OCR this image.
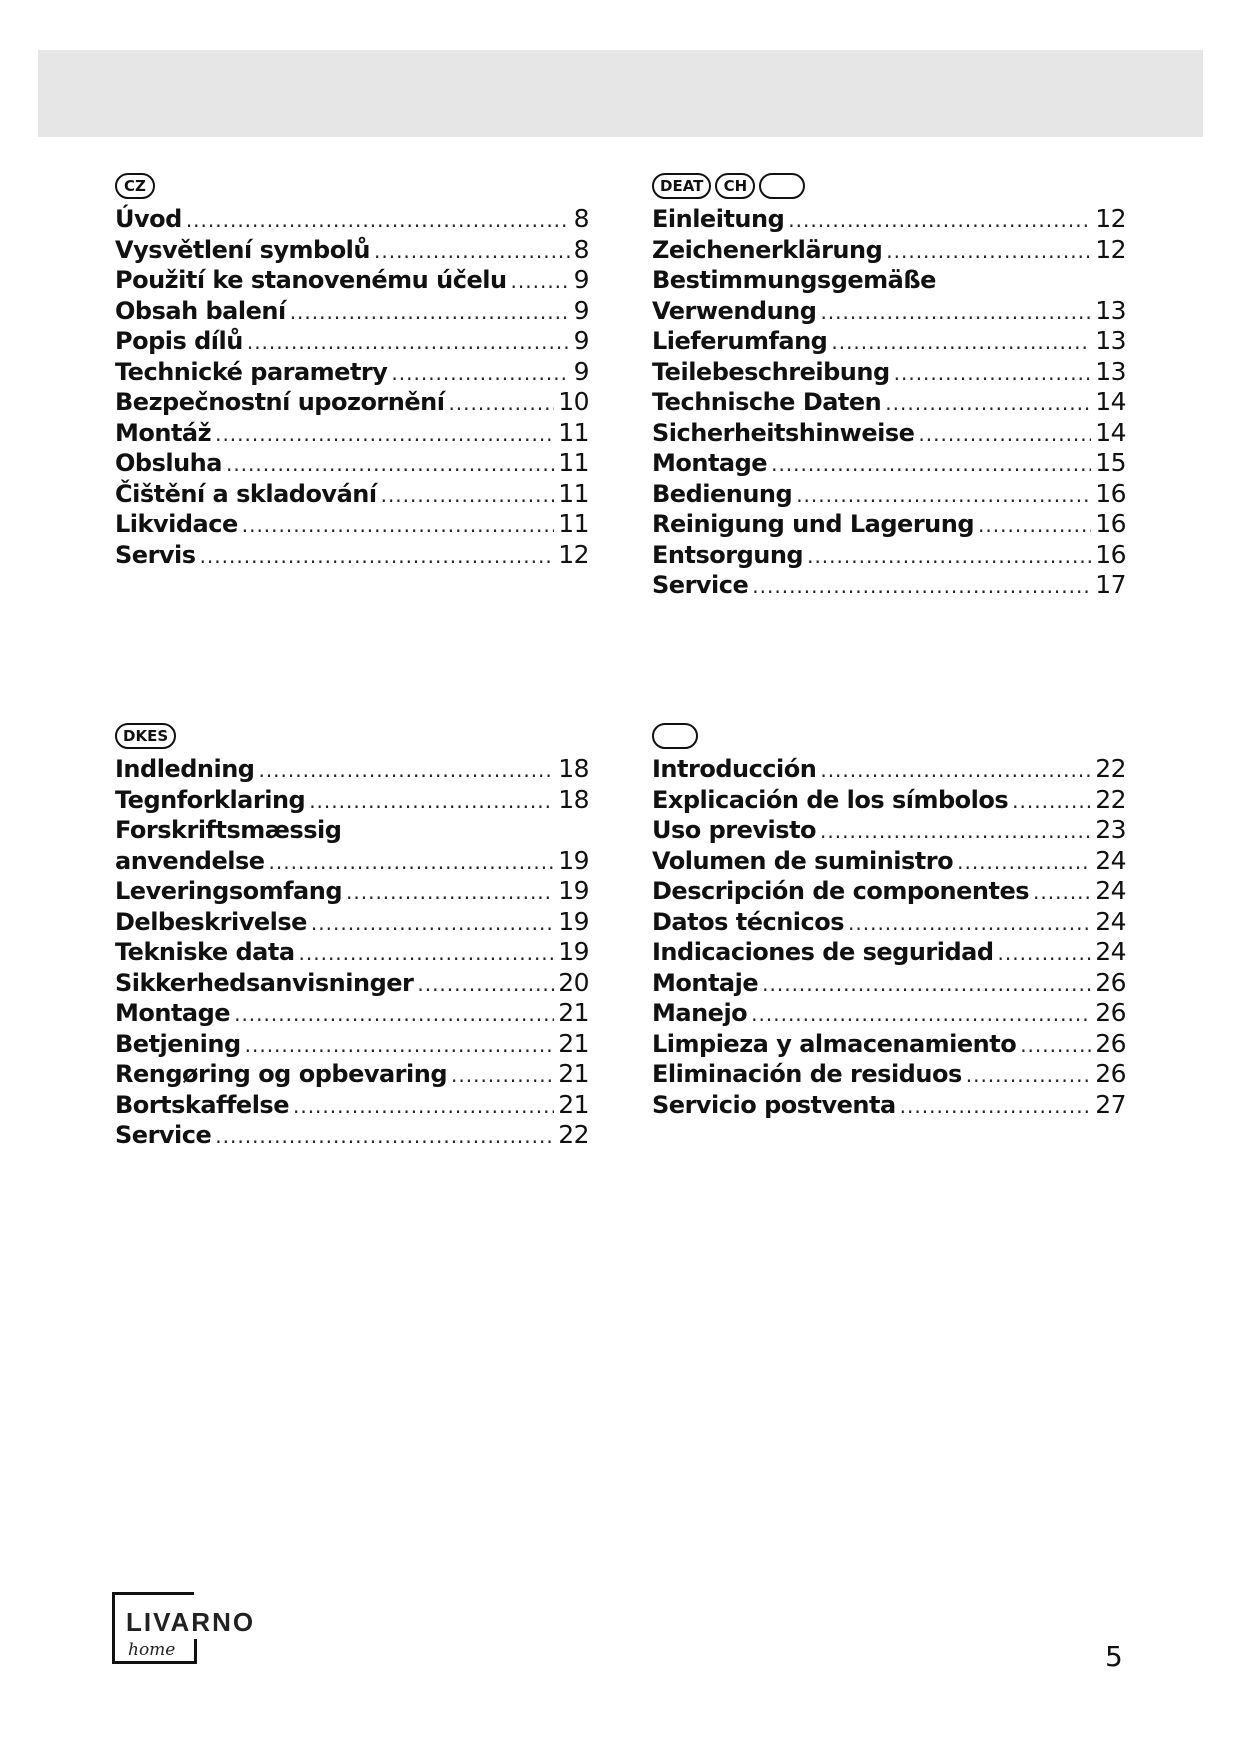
CZ
Úvod .....	8
Vysvětlení symbolů .....	8
Použití ke stanovenému účelu .....	9
Obsah balení .....	9
Popis dílů .....	9
Technické parametry .....	9
Bezpečnostní upozornění .....	10
Montáž .....	11
Obsluha .....	11
Čištění a skladování .....	11
Likvidace .....	11
Servis .....	12
DEAT	CH
Einleitung .....	12
Zeichenerklärung .....	12
Bestimmungsgemäße
Verwendung .....	13
Lieferumfang .....	13
Teilebeschreibung .....	13
Technische Daten .....	14
Sicherheitshinweise .....	14
Montage .....	15
Bedienung .....	16
Reinigung und Lagerung .....	16
Entsorgung .....	16
Service .....	17
DKES
Indledning .....	18
Tegnforklaring .....	18
Forskriftsmæssig
anvendelse .....	19
Leveringsomfang .....	19
Delbeskrivelse .....	19
Tekniske data .....	19
Sikkerhedsanvisninger .....	20
Montage .....	21
Betjening .....	21
Rengøring og opbevaring .....	21
Bortskaffelse .....	21
Service .....	22
Introducción .....	22
Explicación de los símbolos .....	22
Uso previsto .....	23
Volumen de suministro .....	24
Descripción de componentes .....	24
Datos técnicos .....	24
Indicaciones de seguridad .....	24
Montaje .....	26
Manejo .....	26
Limpieza y almacenamiento .....	26
Eliminación de residuos .....	26
Servicio postventa .....	27
LIVARNO
home	5
